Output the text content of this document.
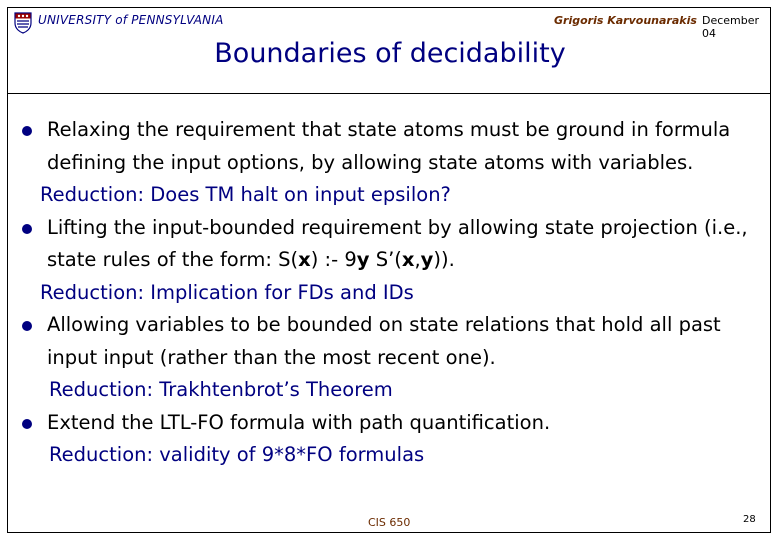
UNIVERSITY of PENNSYLVANIA	Grigoris Karvounarakis December 04
Boundaries of decidability
Relaxing the requirement that state atoms must be ground in formula defining the input options, by allowing state atoms with variables.
Reduction: Does TM halt on input epsilon?
Lifting the input-bounded requirement by allowing state projection (i.e., state rules of the form: S(x) :- 9y S’(x,y)).
Reduction: Implication for FDs and IDs
Allowing variables to be bounded on state relations that hold all past input input (rather than the most recent one).
Reduction: Trakhtenbrot’s Theorem
Extend the LTL-FO formula with path quantification.
Reduction: validity of 9*8*FO formulas
CIS 650	28
